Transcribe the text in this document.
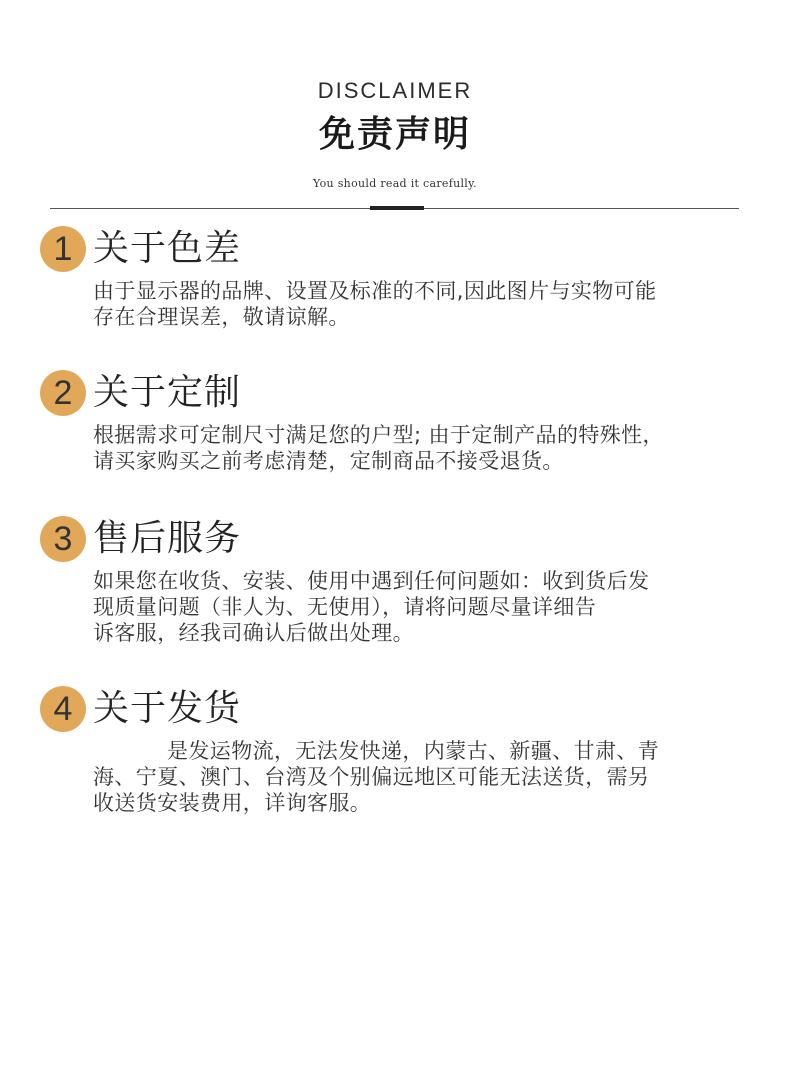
DISCLAIMER
免责声明
You should read it carefully.
1 关于色差

由于显示器的品牌、设置及标准的不同,因此图片与实物可能

存在合理误差，敬请谅解。

2 关于定制

根据需求可定制尺寸满足您的户型; 由于定制产品的特殊性，

请买家购买之前考虑清楚，定制商品不接受退货。

3 售后服务

如果您在收货、安装、使用中遇到任何问题如：收到货后发

现质量问题（非人为、无使用），请将问题尽量详细告

诉客服，经我司确认后做出处理。

4 关于发货

是发运物流，无法发快递，内蒙古、新疆、甘肃、青

海、宁夏、澳门、台湾及个别偏远地区可能无法送货，需另

收送货安装费用，详询客服。
